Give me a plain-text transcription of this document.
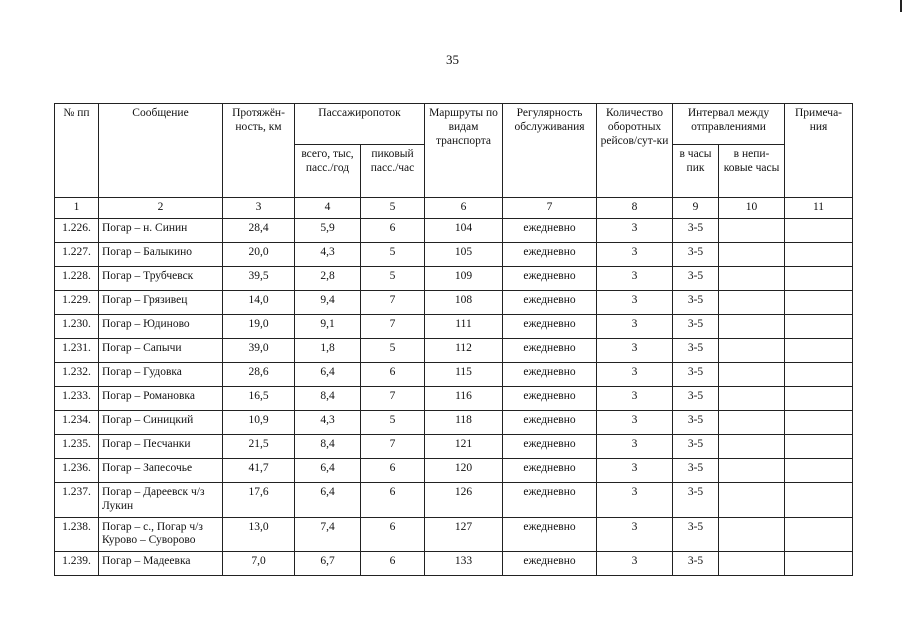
35
№ пп	Сообщение	Протяжён-ность, км	Пассажиропоток		Маршруты по видам транспорта	Регулярность обслуживания	Количество оборотных рейсов/сут-ки	Интервал между отправлениями		Примеча-ния
			всего, тыс, пасс./год	пиковый пасс./час				в часы пик	в непи-ковые часы	
1	2	3	4	5	6	7	8	9	10	11
1.226.	Погар – н. Синин	28,4	5,9	6	104	ежедневно	3	3-5		
1.227.	Погар – Балыкино	20,0	4,3	5	105	ежедневно	3	3-5		
1.228.	Погар – Трубчевск	39,5	2,8	5	109	ежедневно	3	3-5		
1.229.	Погар – Грязивец	14,0	9,4	7	108	ежедневно	3	3-5		
1.230.	Погар – Юдиново	19,0	9,1	7	111	ежедневно	3	3-5		
1.231.	Погар – Сапычи	39,0	1,8	5	112	ежедневно	3	3-5		
1.232.	Погар – Гудовка	28,6	6,4	6	115	ежедневно	3	3-5		
1.233.	Погар – Романовка	16,5	8,4	7	116	ежедневно	3	3-5		
1.234.	Погар – Синицкий	10,9	4,3	5	118	ежедневно	3	3-5		
1.235.	Погар – Песчанки	21,5	8,4	7	121	ежедневно	3	3-5		
1.236.	Погар – Запесочье	41,7	6,4	6	120	ежедневно	3	3-5		
1.237.	Погар – Дареевск ч/з Лукин	17,6	6,4	6	126	ежедневно	3	3-5		
1.238.	Погар – с., Погар ч/з Курово – Суворово	13,0	7,4	6	127	ежедневно	3	3-5		
1.239.	Погар – Мадеевка	7,0	6,7	6	133	ежедневно	3	3-5		
